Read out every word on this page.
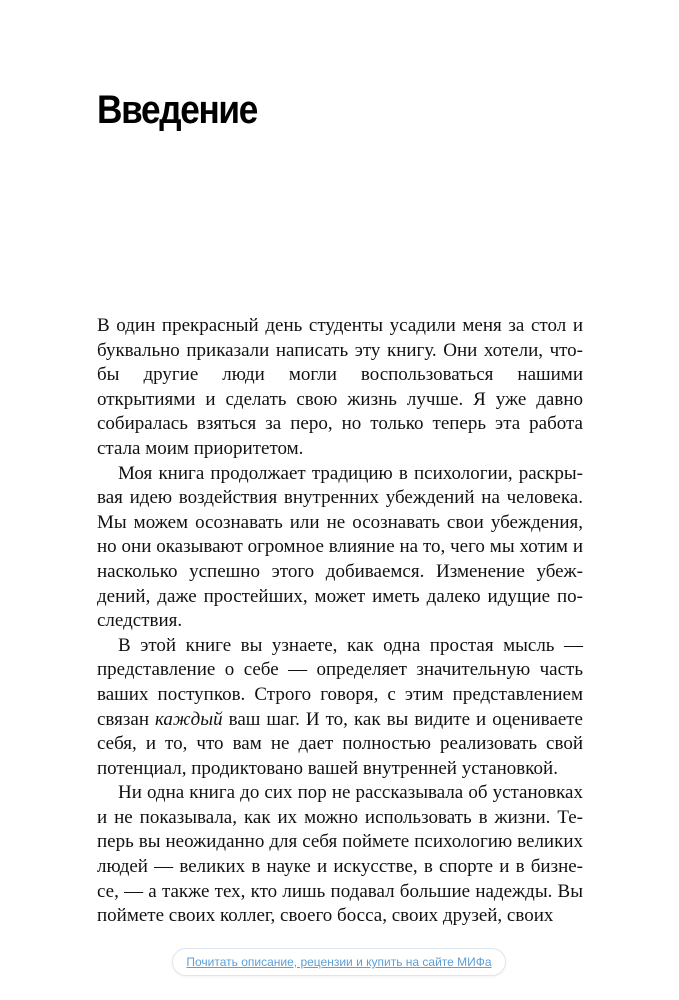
Введение

В один прекрасный день студенты усадили меня за стол и буквально приказали написать эту книгу. Они хотели, чтобы другие люди могли воспользоваться нашими открытиями и сделать свою жизнь лучше. Я уже давно собиралась взяться за перо, но только теперь эта работа стала моим приоритетом.

Моя книга продолжает традицию в психологии, раскрывая идею воздействия внутренних убеждений на человека. Мы можем осознавать или не осознавать свои убеждения, но они оказывают огромное влияние на то, чего мы хотим и насколько успешно этого добиваемся. Изменение убеждений, даже простейших, может иметь далеко идущие последствия.

В этой книге вы узнаете, как одна простая мысль — представление о себе — определяет значительную часть ваших поступков. Строго говоря, с этим представлением связан каждый ваш шаг. И то, как вы видите и оцениваете себя, и то, что вам не дает полностью реализовать свой потенциал, продиктовано вашей внутренней установкой.

Ни одна книга до сих пор не рассказывала об установках и не показывала, как их можно использовать в жизни. Теперь вы неожиданно для себя поймете психологию великих людей — великих в науке и искусстве, в спорте и в бизнесе, — а также тех, кто лишь подавал большие надежды. Вы поймете своих коллег, своего босса, своих друзей, своих

Почитать описание, рецензии и купить на сайте МИФа
